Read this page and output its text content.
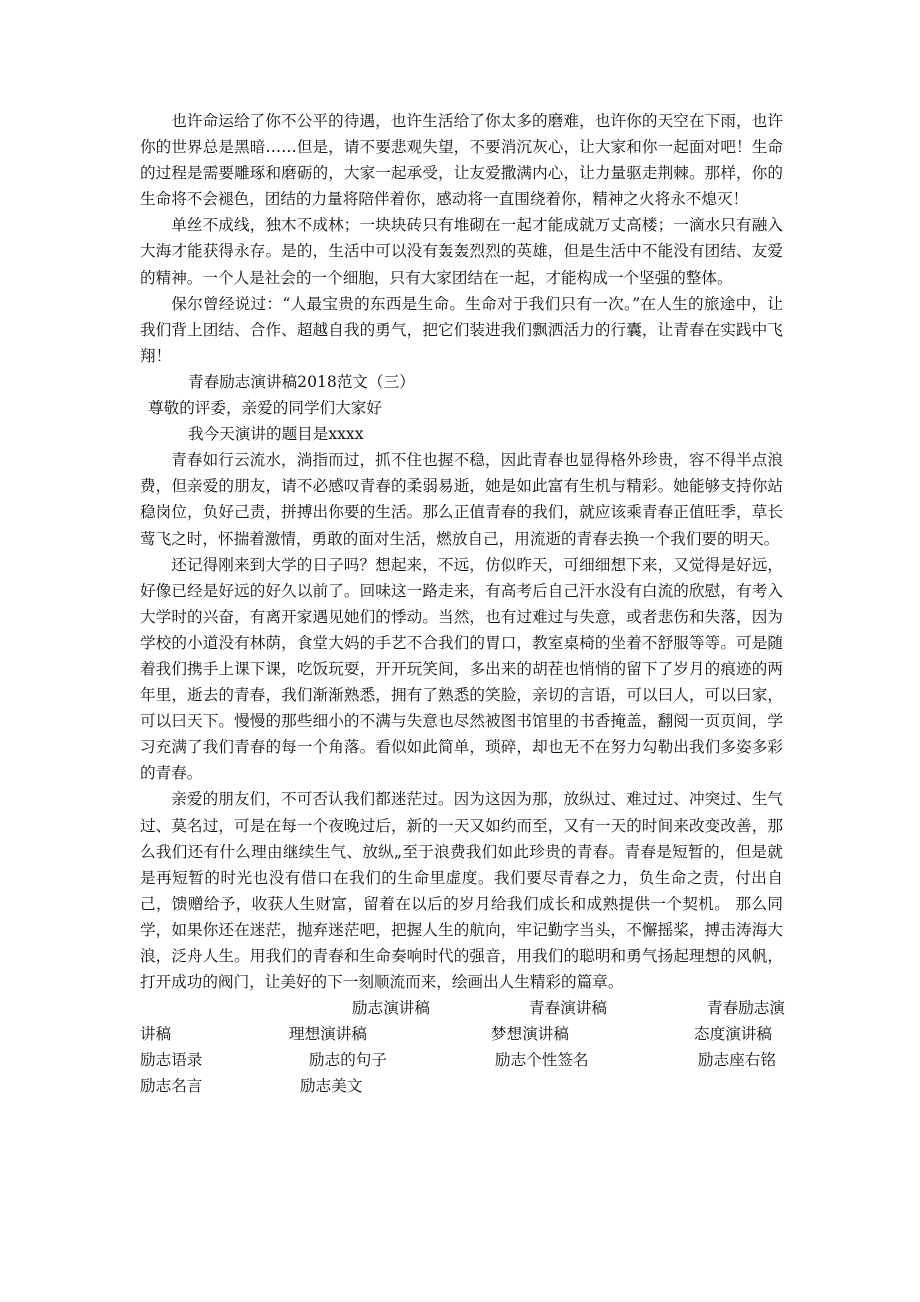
也许命运给了你不公平的待遇，也许生活给了你太多的磨难，也许你的天空在下雨，也许你的世界总是黑暗……但是，请不要悲观失望，不要消沉灰心，让大家和你一起面对吧！生命的过程是需要雕琢和磨砺的，大家一起承受，让友爱撒满内心，让力量驱走荆棘。那样，你的生命将不会褪色，团结的力量将陪伴着你，感动将一直围绕着你，精神之火将永不熄灭！

单丝不成线，独木不成林；一块块砖只有堆砌在一起才能成就万丈高楼；一滴水只有融入大海才能获得永存。是的，生活中可以没有轰轰烈烈的英雄，但是生活中不能没有团结、友爱的精神。一个人是社会的一个细胞，只有大家团结在一起，才能构成一个坚强的整体。

保尔曾经说过：“人最宝贵的东西是生命。生命对于我们只有一次。”在人生的旅途中，让我们背上团结、合作、超越自我的勇气，把它们装进我们飘洒活力的行囊，让青春在实践中飞翔！

青春励志演讲稿2018范文（三）

尊敬的评委，亲爱的同学们大家好

我今天演讲的题目是xxxx

青春如行云流水，淌指而过，抓不住也握不稳，因此青春也显得格外珍贵，容不得半点浪费，但亲爱的朋友，请不必感叹青春的柔弱易逝，她是如此富有生机与精彩。她能够支持你站稳岗位，负好己责，拼搏出你要的生活。那么正值青春的我们，就应该乘青春正值旺季，草长莺飞之时，怀揣着激情，勇敢的面对生活，燃放自己，用流逝的青春去换一个我们要的明天。

还记得刚来到大学的日子吗？想起来，不远，仿似昨天，可细细想下来，又觉得是好远，好像已经是好远的好久以前了。回味这一路走来，有高考后自己汗水没有白流的欣慰，有考入大学时的兴奋，有离开家遇见她们的悸动。当然，也有过难过与失意，或者悲伤和失落，因为学校的小道没有林荫，食堂大妈的手艺不合我们的胃口，教室桌椅的坐着不舒服等等。可是随着我们携手上课下课，吃饭玩耍，开开玩笑间，多出来的胡茬也悄悄的留下了岁月的痕迹的两年里，逝去的青春，我们渐渐熟悉，拥有了熟悉的笑脸，亲切的言语，可以曰人，可以曰家，可以曰天下。慢慢的那些细小的不满与失意也尽然被图书馆里的书香掩盖，翻阅一页页间，学习充满了我们青春的每一个角落。看似如此简单，琐碎，却也无不在努力勾勒出我们多姿多彩的青春。

亲爱的朋友们，不可否认我们都迷茫过。因为这因为那，放纵过、难过过、冲突过、生气过、莫名过，可是在每一个夜晚过后，新的一天又如约而至，又有一天的时间来改变改善，那么我们还有什么理由继续生气、放纵„至于浪费我们如此珍贵的青春。青春是短暂的，但是就是再短暂的时光也没有借口在我们的生命里虚度。我们要尽青春之力，负生命之责，付出自己，馈赠给予，收获人生财富，留着在以后的岁月给我们成长和成熟提供一个契机。 那么同学，如果你还在迷茫，抛弃迷茫吧，把握人生的航向，牢记勤字当头，不懈摇桨，搏击涛海大浪，泛舟人生。用我们的青春和生命奏响时代的强音，用我们的聪明和勇气扬起理想的风帆，打开成功的阀门，让美好的下一刻顺流而来，绘画出人生精彩的篇章。

励志演讲稿	青春演讲稿	青春励志演
讲稿	理想演讲稿	梦想演讲稿	态度演讲稿
励志语录	励志的句子	励志个性签名	励志座右铭
励志名言	励志美文
